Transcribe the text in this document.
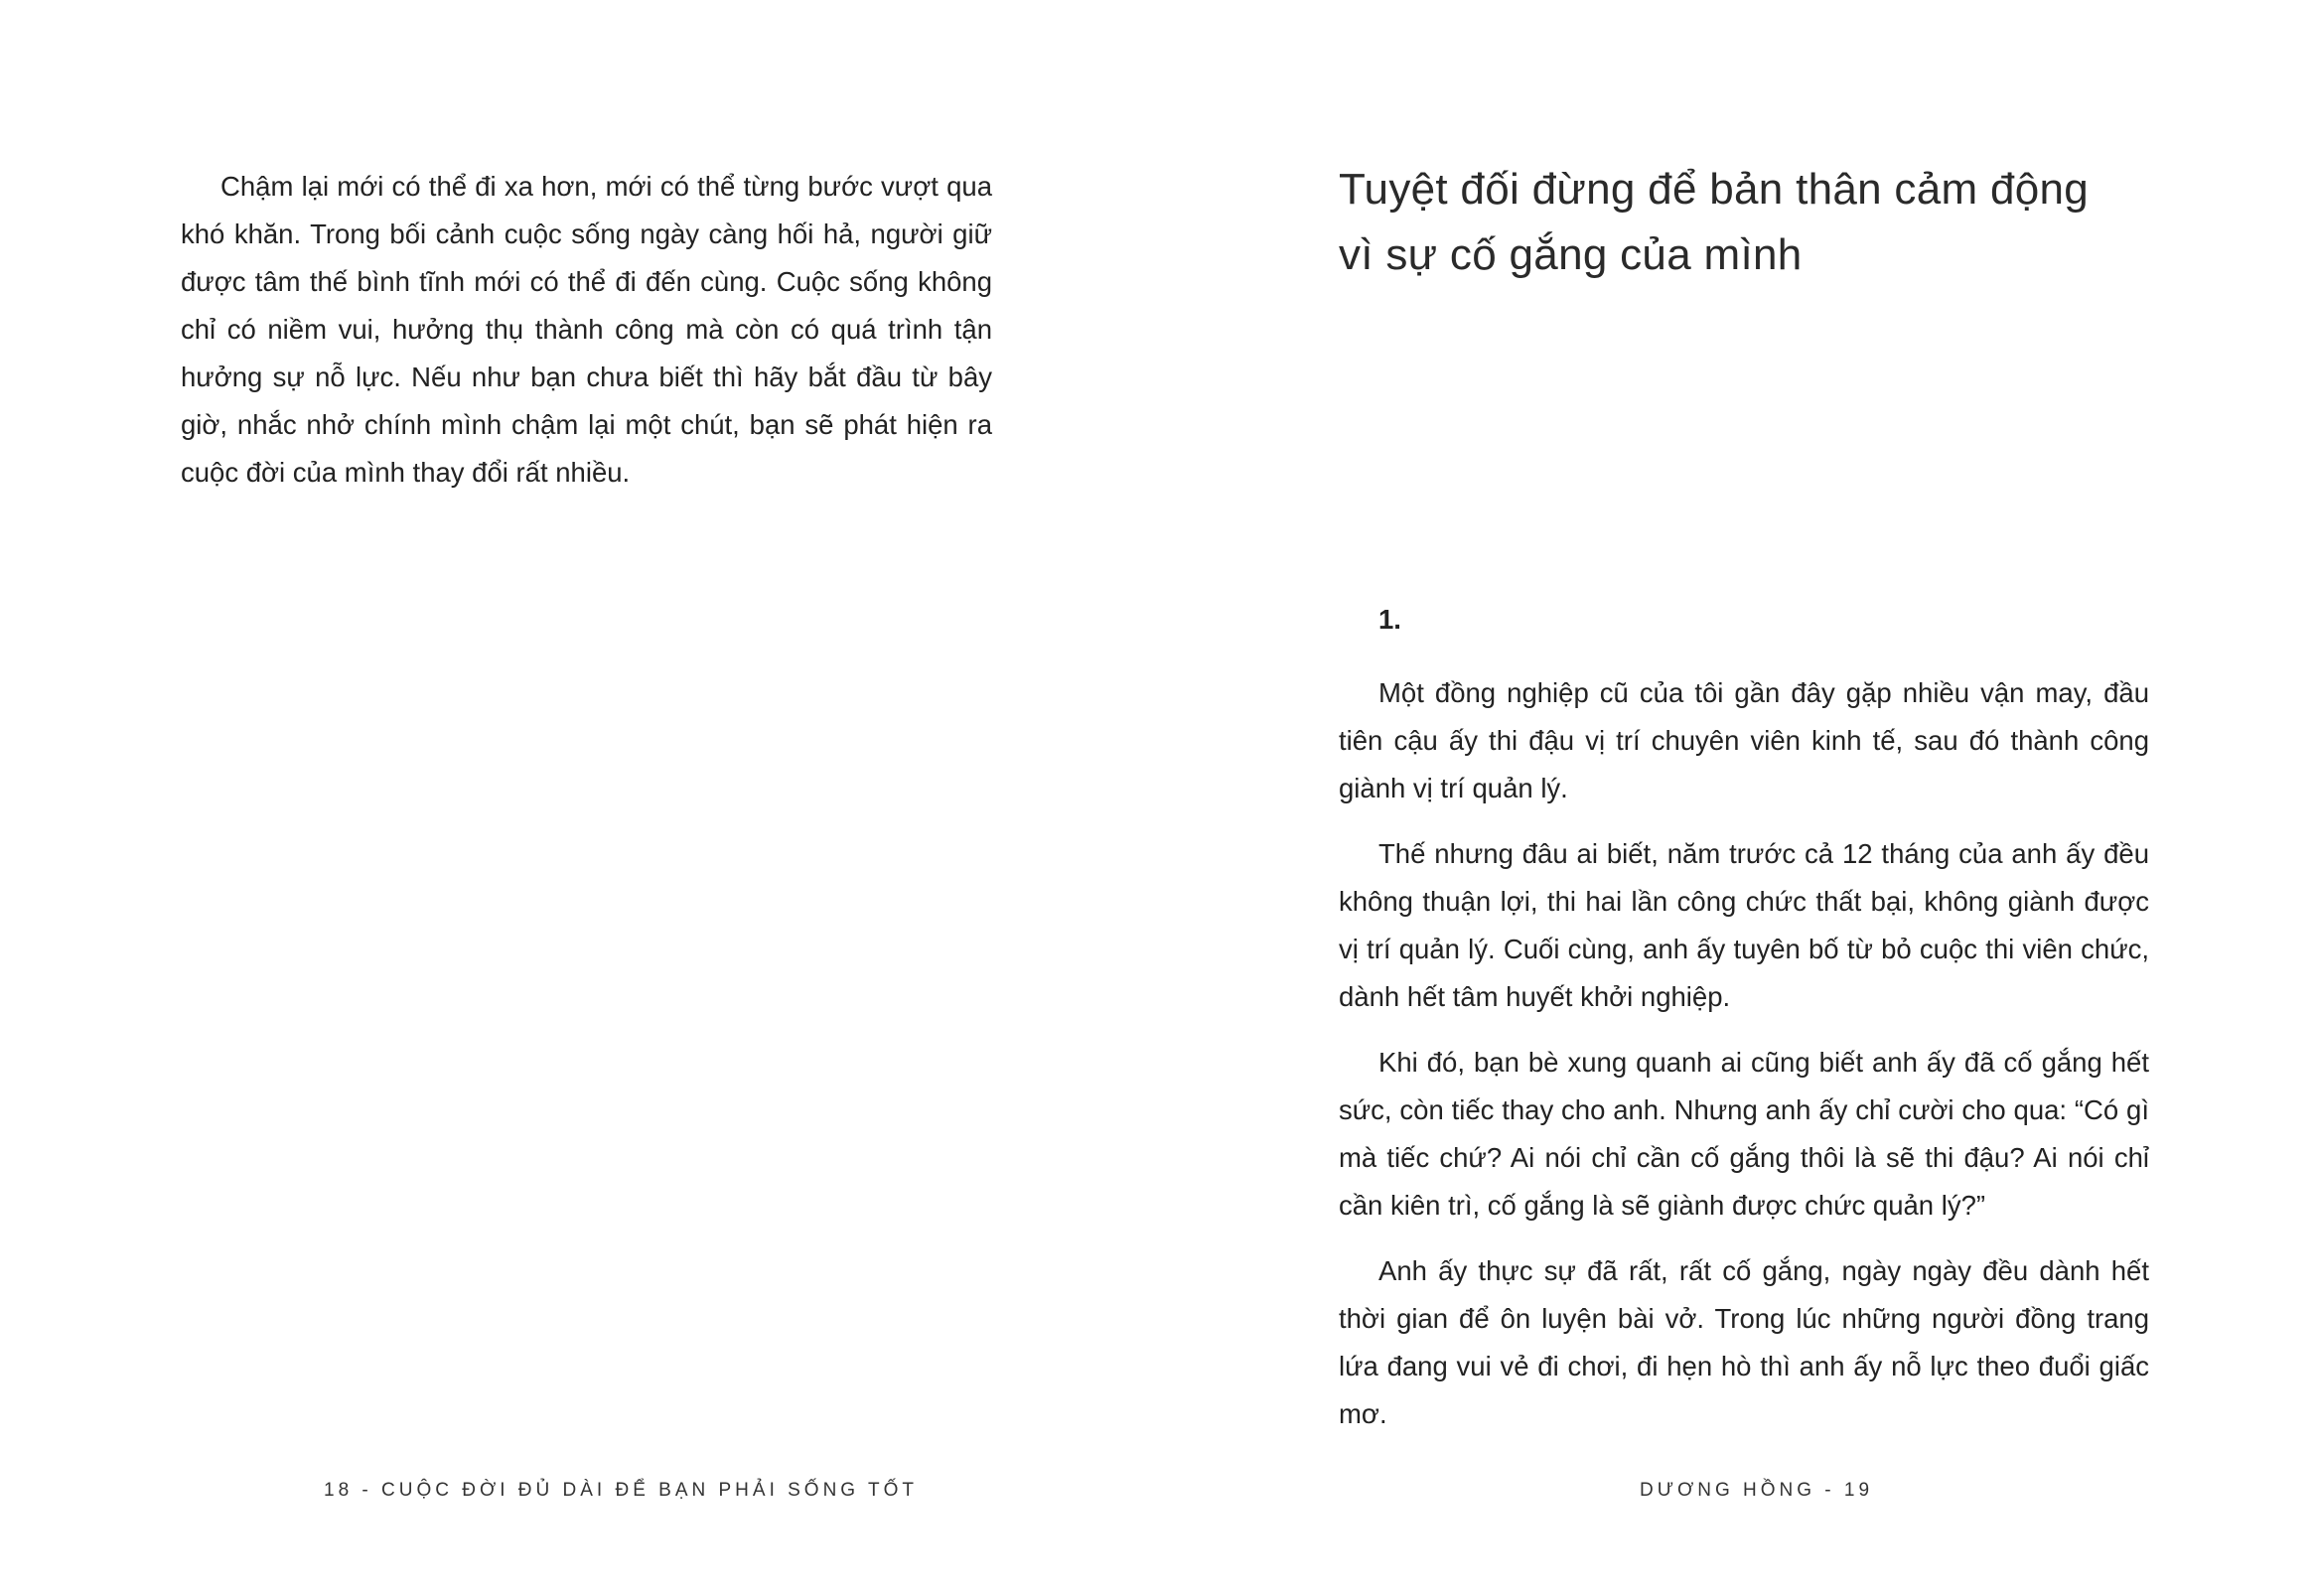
Chậm lại mới có thể đi xa hơn, mới có thể từng bước vượt qua khó khăn. Trong bối cảnh cuộc sống ngày càng hối hả, người giữ được tâm thế bình tĩnh mới có thể đi đến cùng. Cuộc sống không chỉ có niềm vui, hưởng thụ thành công mà còn có quá trình tận hưởng sự nỗ lực. Nếu như bạn chưa biết thì hãy bắt đầu từ bây giờ, nhắc nhở chính mình chậm lại một chút, bạn sẽ phát hiện ra cuộc đời của mình thay đổi rất nhiều.

Tuyệt đối đừng để bản thân cảm động
vì sự cố gắng của mình
1.

Một đồng nghiệp cũ của tôi gần đây gặp nhiều vận may, đầu tiên cậu ấy thi đậu vị trí chuyên viên kinh tế, sau đó thành công giành vị trí quản lý.

Thế nhưng đâu ai biết, năm trước cả 12 tháng của anh ấy đều không thuận lợi, thi hai lần công chức thất bại, không giành được vị trí quản lý. Cuối cùng, anh ấy tuyên bố từ bỏ cuộc thi viên chức, dành hết tâm huyết khởi nghiệp.

Khi đó, bạn bè xung quanh ai cũng biết anh ấy đã cố gắng hết sức, còn tiếc thay cho anh. Nhưng anh ấy chỉ cười cho qua: “Có gì mà tiếc chứ? Ai nói chỉ cần cố gắng thôi là sẽ thi đậu? Ai nói chỉ cần kiên trì, cố gắng là sẽ giành được chức quản lý?”

Anh ấy thực sự đã rất, rất cố gắng, ngày ngày đều dành hết thời gian để ôn luyện bài vở. Trong lúc những người đồng trang lứa đang vui vẻ đi chơi, đi hẹn hò thì anh ấy nỗ lực theo đuổi giấc mơ.

18 - CUỘC ĐỜI ĐỦ DÀI ĐỂ BẠN PHẢI SỐNG TỐT	DƯƠNG HỒNG - 19
